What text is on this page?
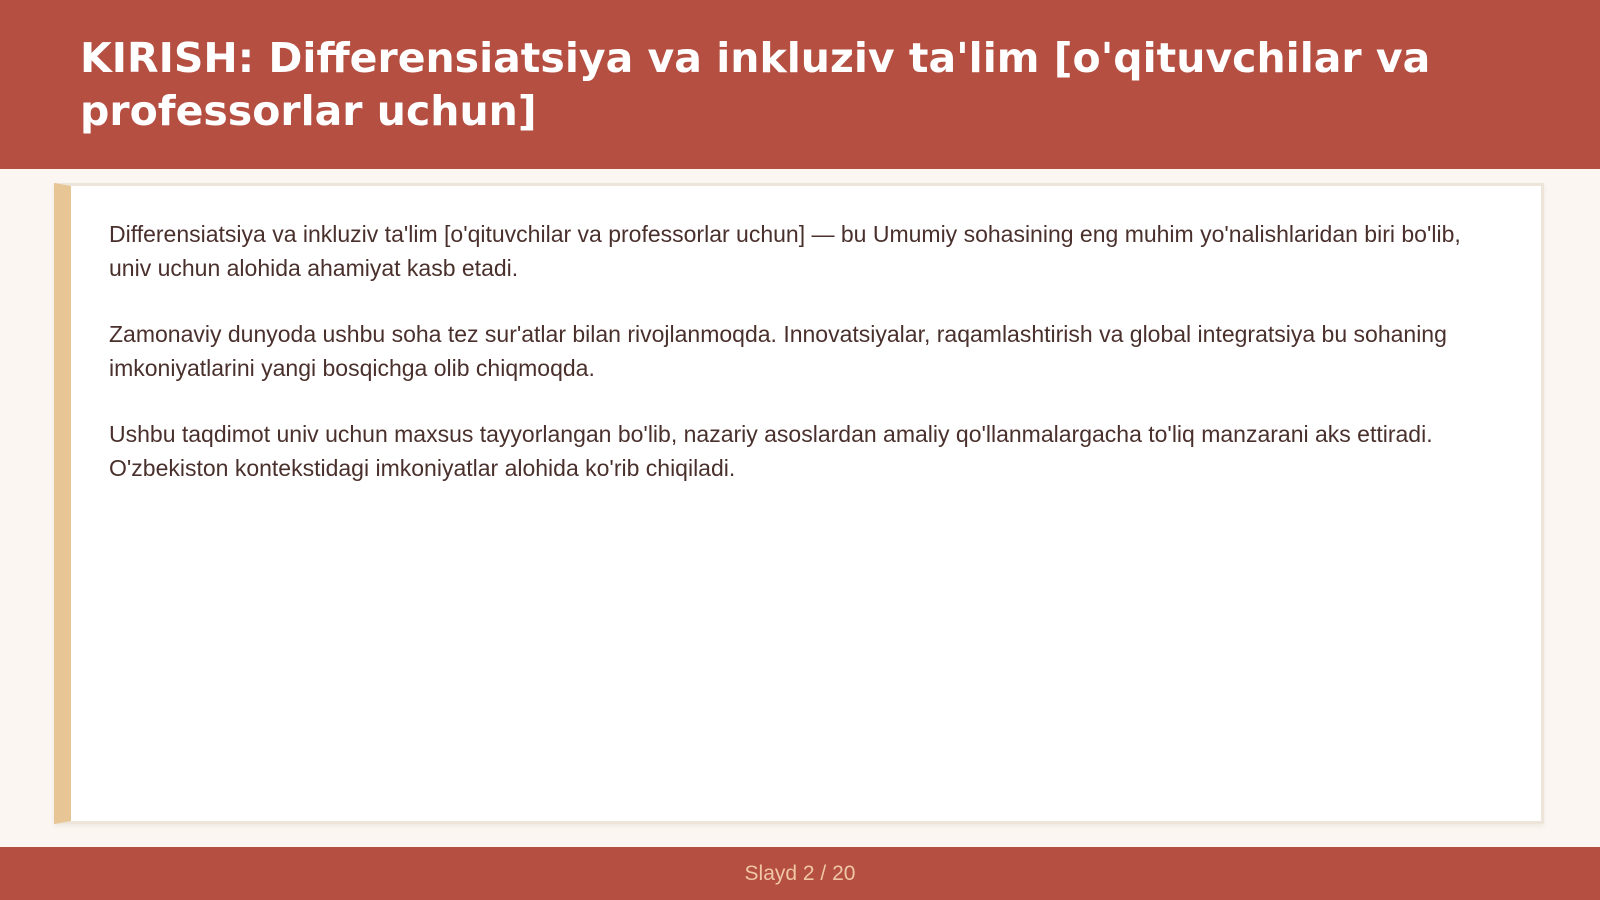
KIRISH: Differensiatsiya va inkluziv ta'lim [o'qituvchilar va professorlar uchun]

Differensiatsiya va inkluziv ta'lim [o'qituvchilar va professorlar uchun] — bu Umumiy sohasining eng muhim yo'nalishlaridan biri bo'lib, univ uchun alohida ahamiyat kasb etadi.

Zamonaviy dunyoda ushbu soha tez sur'atlar bilan rivojlanmoqda. Innovatsiyalar, raqamlashtirish va global integratsiya bu sohaning imkoniyatlarini yangi bosqichga olib chiqmoqda.

Ushbu taqdimot univ uchun maxsus tayyorlangan bo'lib, nazariy asoslardan amaliy qo'llanmalargacha to'liq manzarani aks ettiradi. O'zbekiston kontekstidagi imkoniyatlar alohida ko'rib chiqiladi.

Slayd 2 / 20
